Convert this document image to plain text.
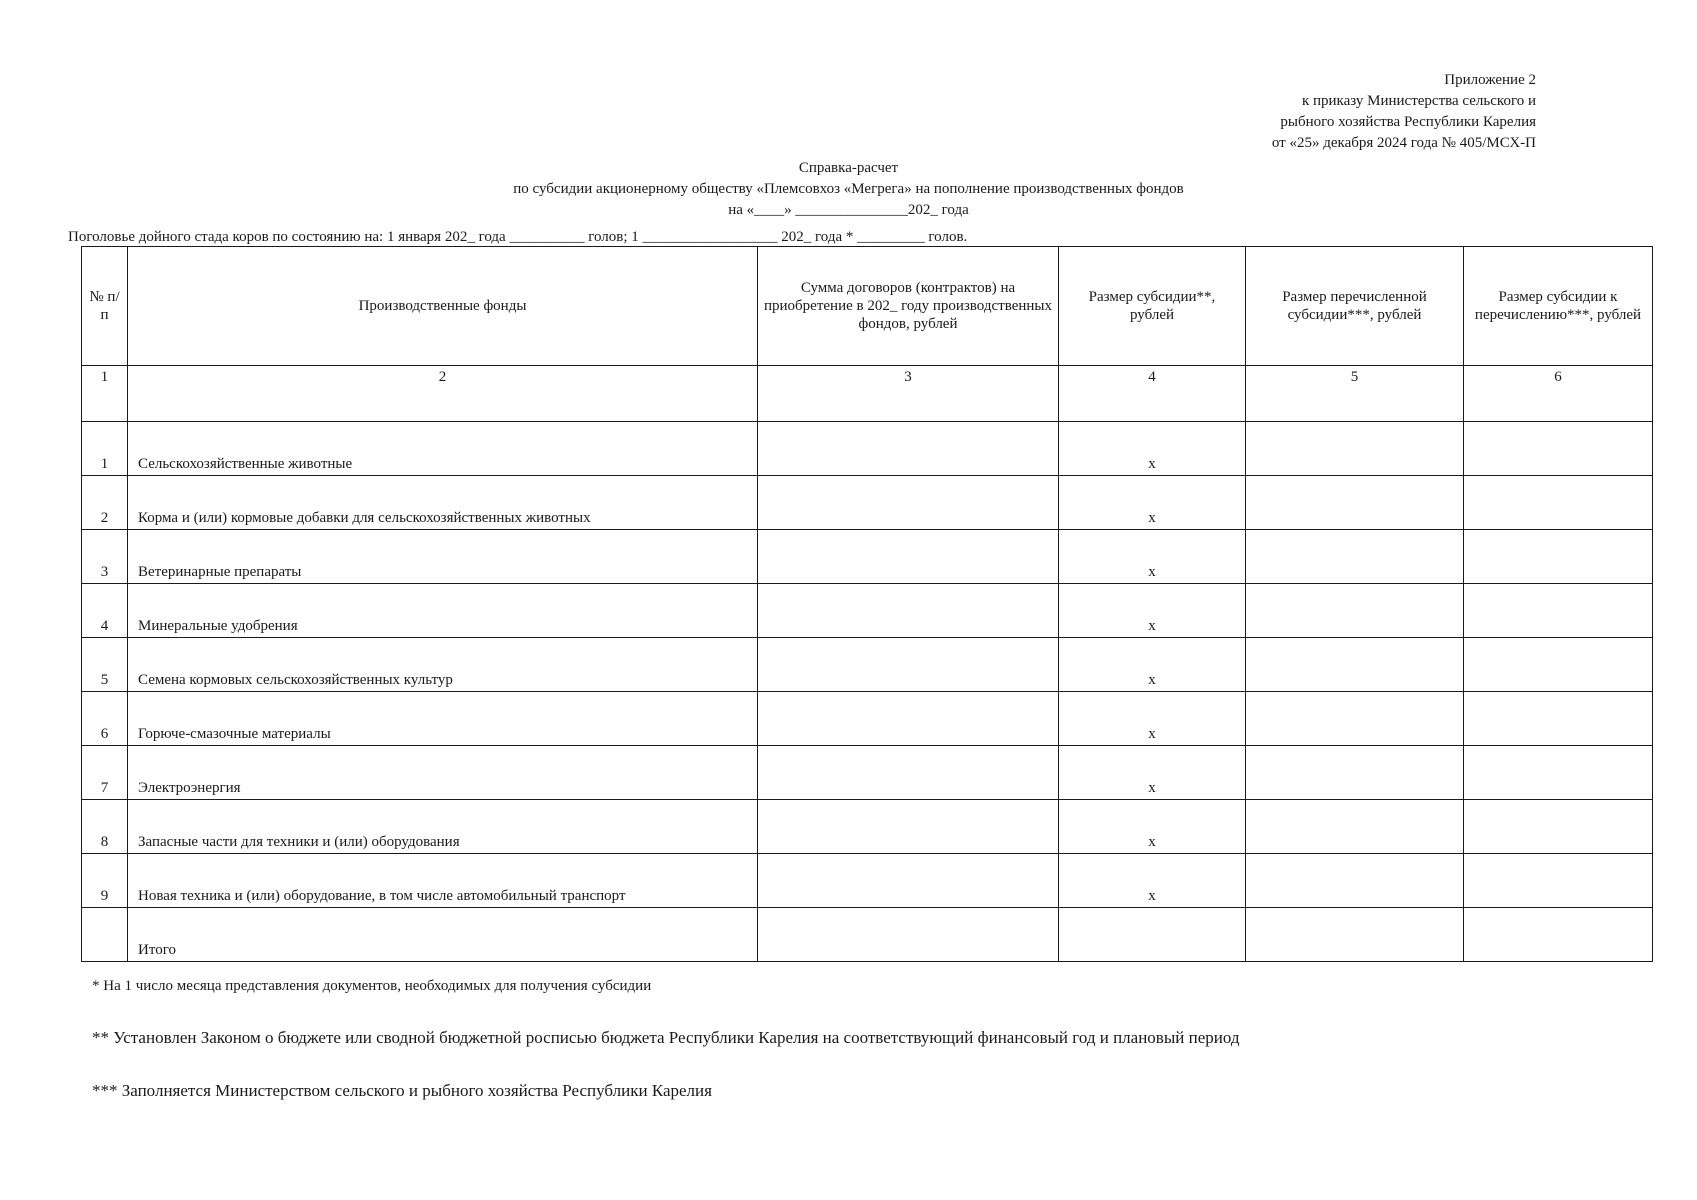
Приложение 2
к приказу Министерства сельского и
рыбного хозяйства Республики Карелия
от «25» декабря 2024 года № 405/МСХ-П
Справка-расчет
по субсидии акционерному обществу «Племсовхоз «Мегрега» на пополнение производственных фондов
на «____» _______________202_ года
Поголовье дойного стада коров по состоянию на: 1 января 202_ года __________ голов; 1 __________________ 202_ года * _________ голов.
№ п/п	Производственные фонды	Сумма договоров (контрактов) на приобретение в 202_ году производственных фондов, рублей	Размер субсидии**, рублей	Размер перечисленной субсидии***, рублей	Размер субсидии к перечислению***, рублей
1	2	3	4	5	6
1	Сельскохозяйственные животные		x		
2	Корма и (или) кормовые добавки для сельскохозяйственных животных		x		
3	Ветеринарные препараты		x		
4	Минеральные удобрения		x		
5	Семена кормовых сельскохозяйственных культур		x		
6	Горюче-смазочные материалы		x		
7	Электроэнергия		x		
8	Запасные части для техники и (или) оборудования		x		
9	Новая техника и (или) оборудование, в том числе автомобильный транспорт		x		
	Итого				
* На 1 число месяца представления документов, необходимых для получения субсидии
** Установлен Законом о бюджете или сводной бюджетной росписью бюджета Республики Карелия на соответствующий финансовый год и плановый период
*** Заполняется Министерством сельского и рыбного хозяйства Республики Карелия
